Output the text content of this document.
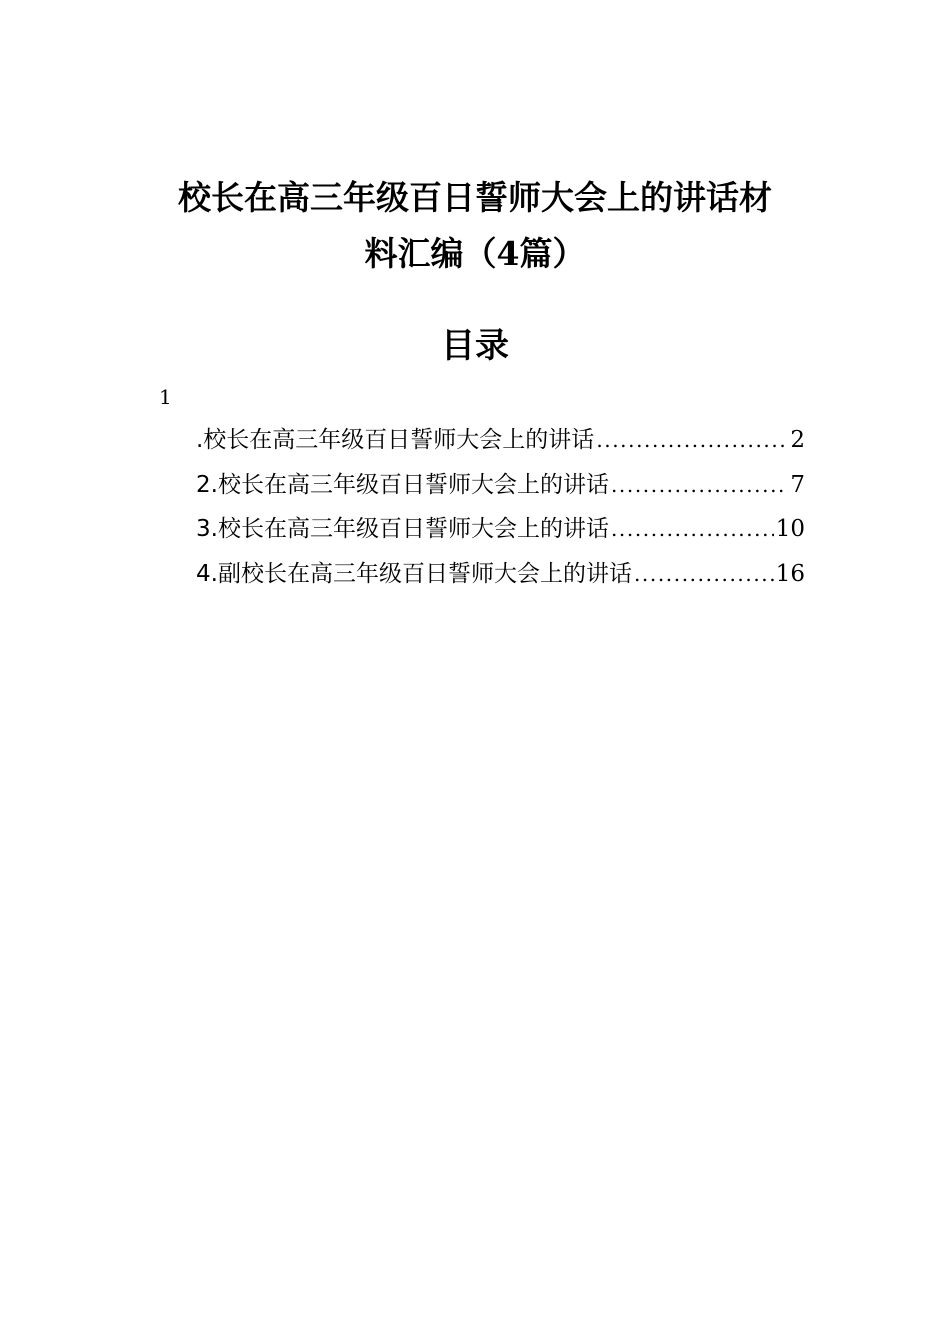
校长在高三年级百日誓师大会上的讲话材
料汇编（4篇）
目录
1
.校长在高三年级百日誓师大会上的讲话 .....	2
2.校长在高三年级百日誓师大会上的讲话 .....	7
3.校长在高三年级百日誓师大会上的讲话 .....	10
4.副校长在高三年级百日誓师大会上的讲话 .....	16
